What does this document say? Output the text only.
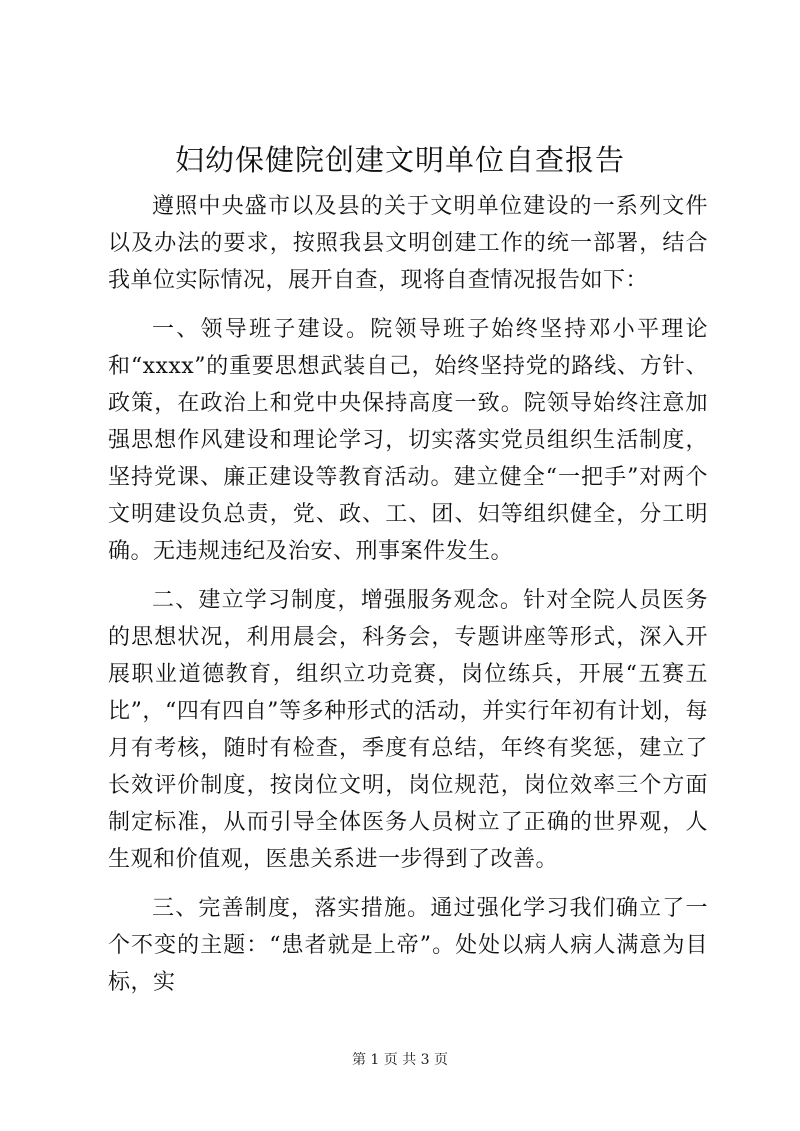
妇幼保健院创建文明单位自查报告

遵照中央盛市以及县的关于文明单位建设的一系列文件以及办法的要求，按照我县文明创建工作的统一部署，结合我单位实际情况，展开自查，现将自查情况报告如下：

一、领导班子建设。院领导班子始终坚持邓小平理论和“xxxx”的重要思想武装自己，始终坚持党的路线、方针、政策，在政治上和党中央保持高度一致。院领导始终注意加强思想作风建设和理论学习，切实落实党员组织生活制度，坚持党课、廉正建设等教育活动。建立健全“一把手”对两个文明建设负总责，党、政、工、团、妇等组织健全，分工明确。无违规违纪及治安、刑事案件发生。

二、建立学习制度，增强服务观念。针对全院人员医务的思想状况，利用晨会，科务会，专题讲座等形式，深入开展职业道德教育，组织立功竞赛，岗位练兵，开展“五赛五比”，“四有四自”等多种形式的活动，并实行年初有计划，每月有考核，随时有检查，季度有总结，年终有奖惩，建立了长效评价制度，按岗位文明，岗位规范，岗位效率三个方面制定标准，从而引导全体医务人员树立了正确的世界观，人生观和价值观，医患关系进一步得到了改善。

三、完善制度，落实措施。通过强化学习我们确立了一个不变的主题：“患者就是上帝”。处处以病人病人满意为目标，实

第 1 页 共 3 页
